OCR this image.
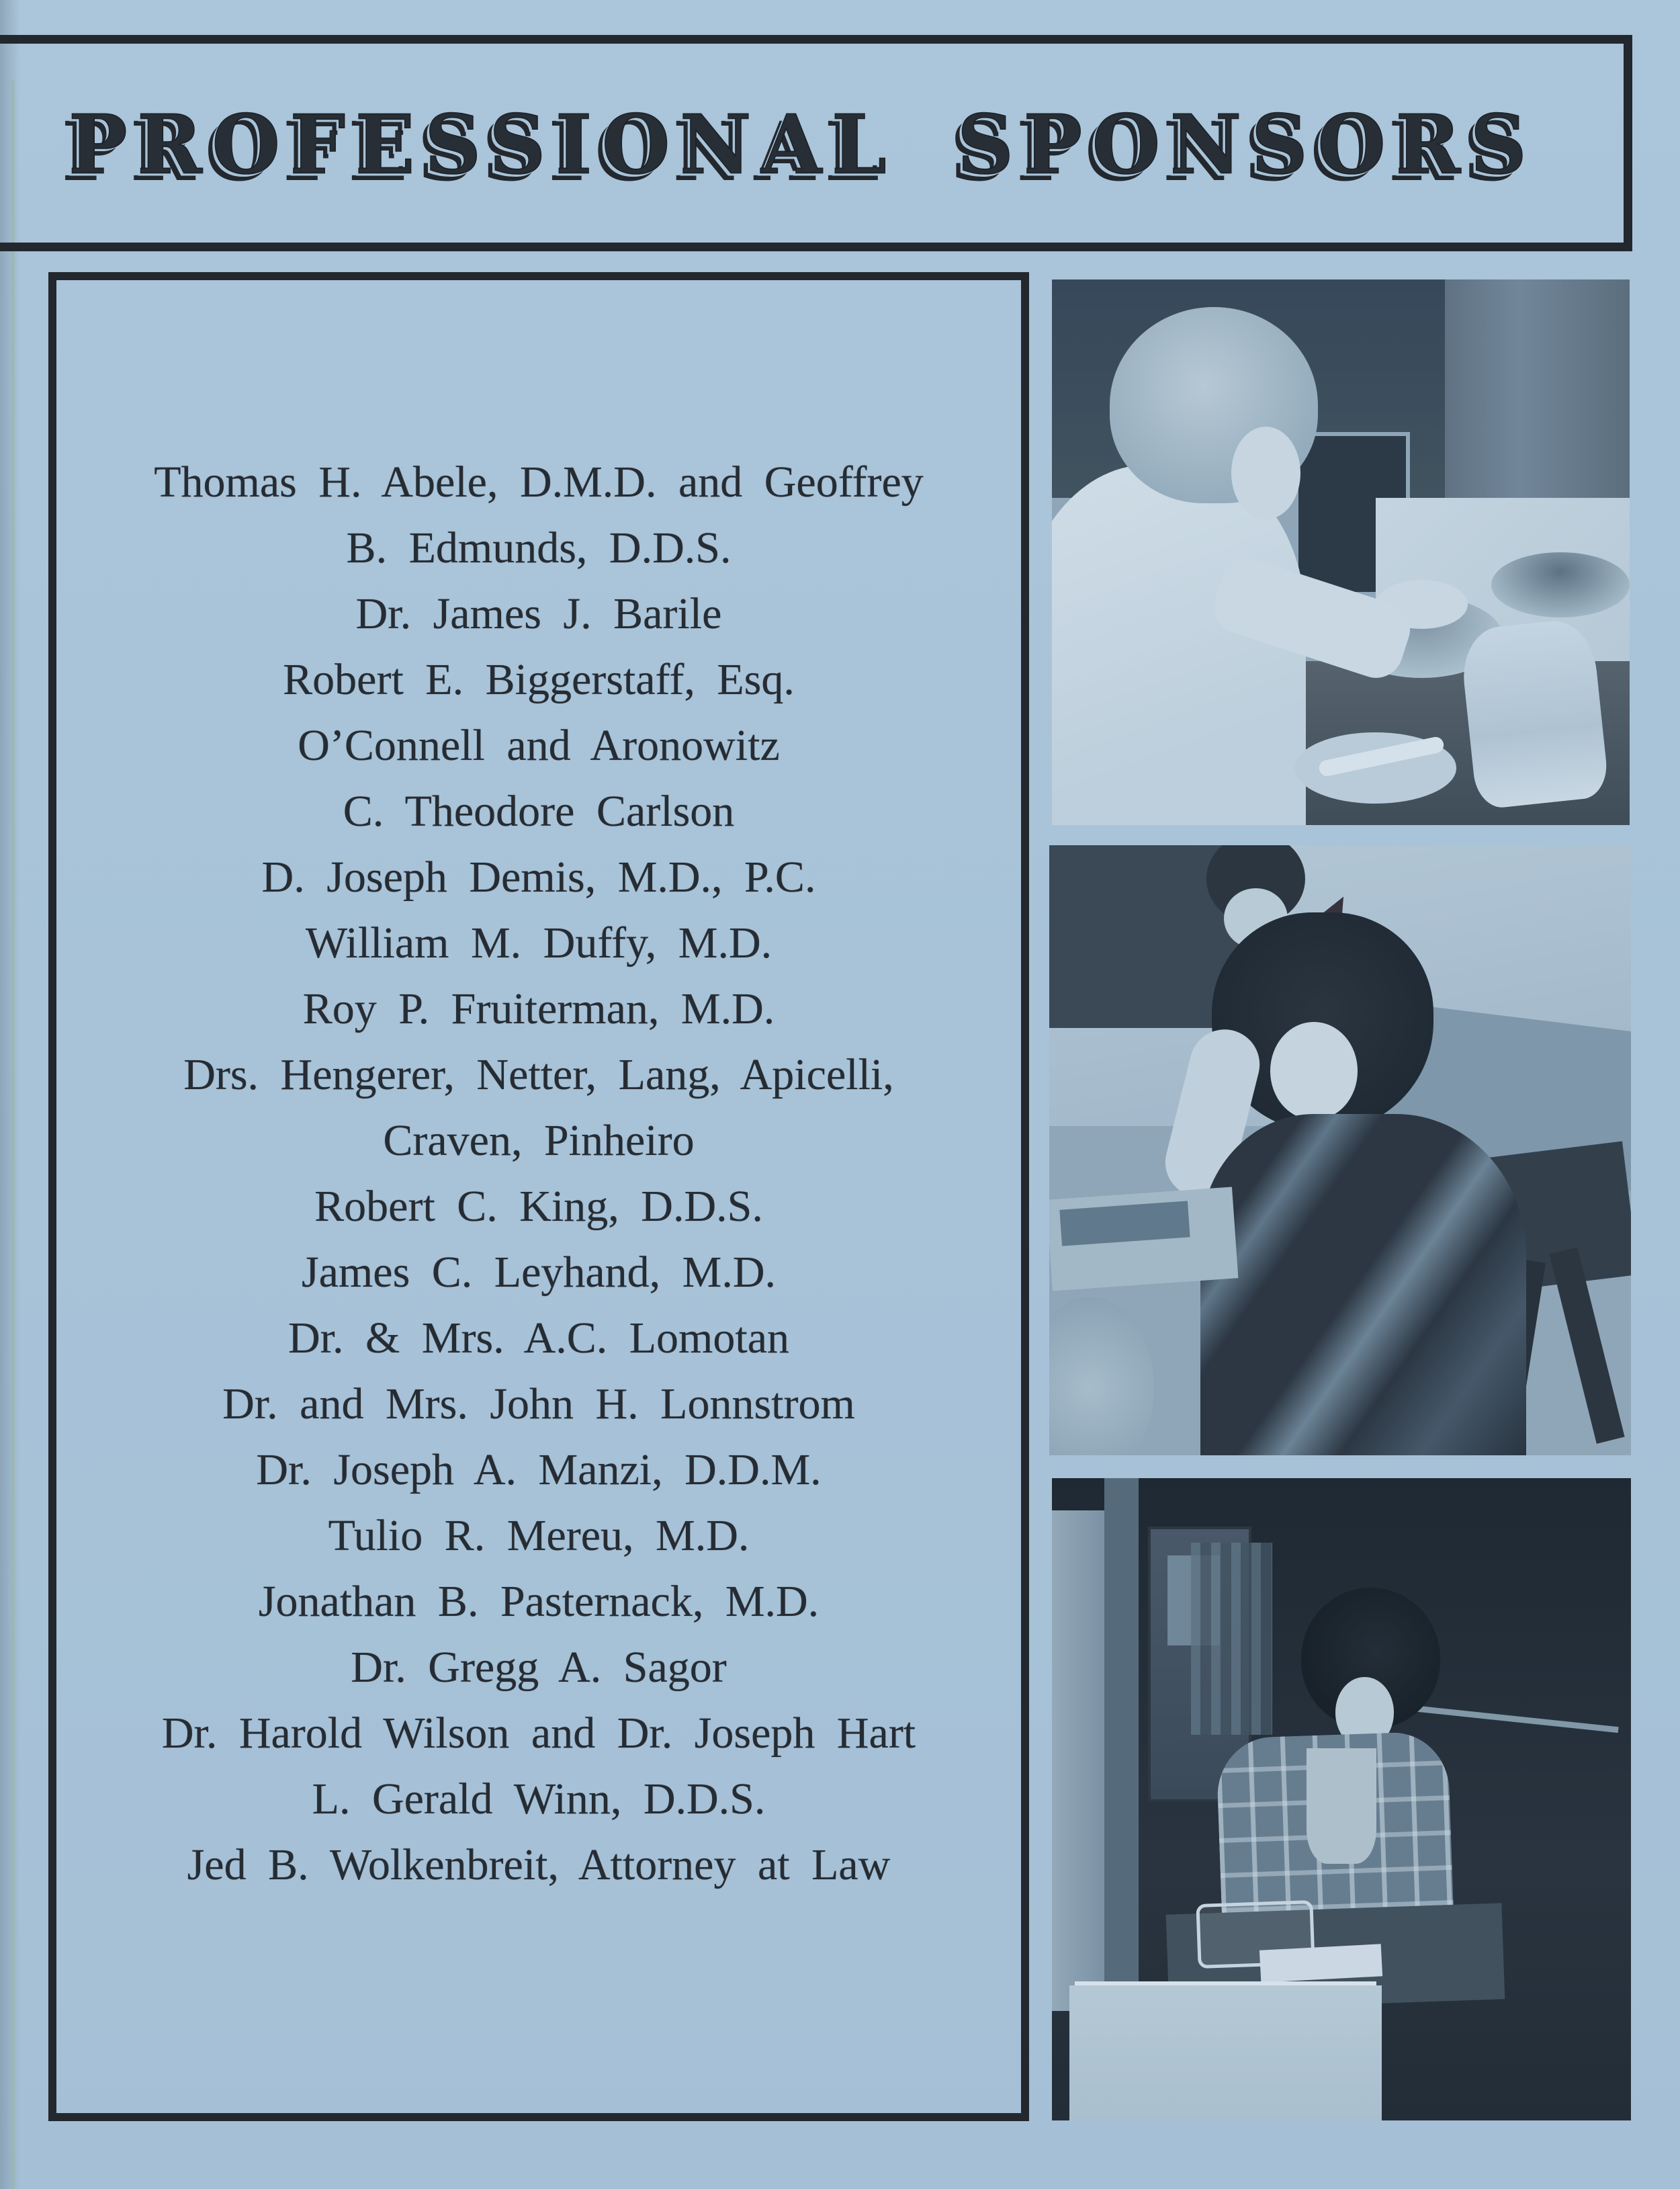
PROFESSIONAL SPONSORS
Thomas H. Abele, D.M.D. and Geoffrey
B. Edmunds, D.D.S.
Dr. James J. Barile
Robert E. Biggerstaff, Esq.
O’Connell and Aronowitz
C. Theodore Carlson
D. Joseph Demis, M.D., P.C.
William M. Duffy, M.D.
Roy P. Fruiterman, M.D.
Drs. Hengerer, Netter, Lang, Apicelli,
Craven, Pinheiro
Robert C. King, D.D.S.
James C. Leyhand, M.D.
Dr. & Mrs. A.C. Lomotan
Dr. and Mrs. John H. Lonnstrom
Dr. Joseph A. Manzi, D.D.M.
Tulio R. Mereu, M.D.
Jonathan B. Pasternack, M.D.
Dr. Gregg A. Sagor
Dr. Harold Wilson and Dr. Joseph Hart
L. Gerald Winn, D.D.S.
Jed B. Wolkenbreit, Attorney at Law
